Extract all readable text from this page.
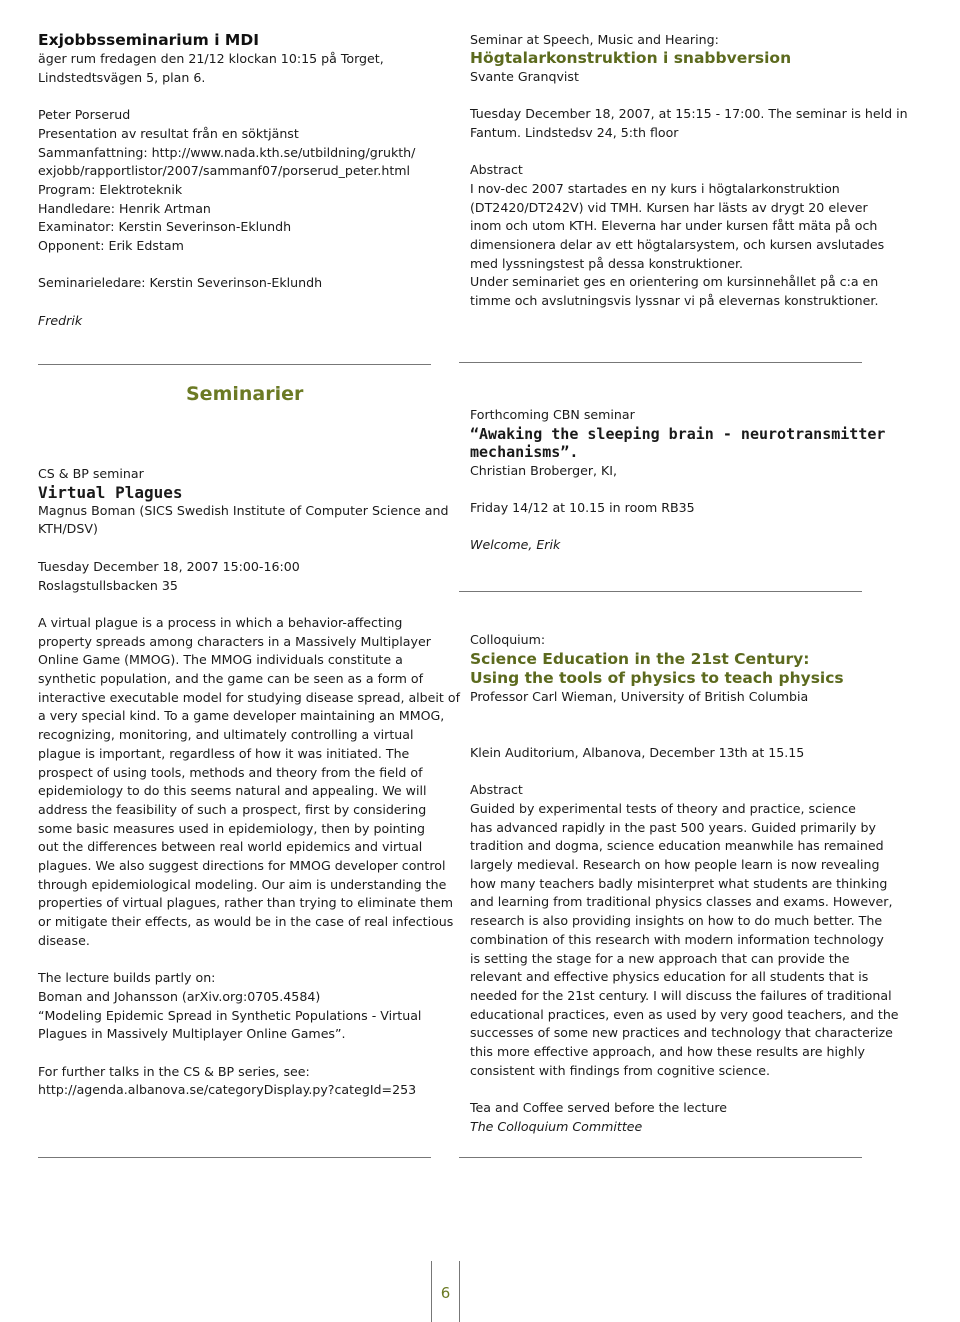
Exjobbsseminarium i MDI
äger rum fredagen den 21/12 klockan 10:15 på Torget,
Lindstedtsvägen 5, plan 6.
Peter Porserud
Presentation av resultat från en söktjänst
Sammanfattning: http://www.nada.kth.se/utbildning/grukth/
exjobb/rapportlistor/2007/sammanf07/porserud_peter.html
Program: Elektroteknik
Handledare: Henrik Artman
Examinator: Kerstin Severinson-Eklundh
Opponent: Erik Edstam
Seminarieledare: Kerstin Severinson-Eklundh
Fredrik
Seminar at Speech, Music and Hearing:
Högtalarkonstruktion i snabbversion
Svante Granqvist
Tuesday December 18, 2007, at 15:15 - 17:00. The seminar is held in
Fantum. Lindstedsv 24, 5:th floor
Abstract
I nov-dec 2007 startades en ny kurs i högtalarkonstruktion
(DT2420/DT242V) vid TMH. Kursen har lästs av drygt 20 elever
inom och utom KTH. Eleverna har under kursen fått mäta på och
dimensionera delar av ett högtalarsystem, och kursen avslutades
med lyssningstest på dessa konstruktioner.
Under seminariet ges en orientering om kursinnehållet på c:a en
timme och avslutningsvis lyssnar vi på elevernas konstruktioner.
Seminarier
CS & BP seminar
Virtual Plagues
Magnus Boman (SICS Swedish Institute of Computer Science and
KTH/DSV)
Tuesday December 18, 2007 15:00-16:00
Roslagstullsbacken 35
A virtual plague is a process in which a behavior-affecting
property spreads among characters in a Massively Multiplayer
Online Game (MMOG). The MMOG individuals constitute a
synthetic population, and the game can be seen as a form of
interactive executable model for studying disease spread, albeit of
a very special kind. To a game developer maintaining an MMOG,
recognizing, monitoring, and ultimately controlling a virtual
plague is important, regardless of how it was initiated. The
prospect of using tools, methods and theory from the field of
epidemiology to do this seems natural and appealing. We will
address the feasibility of such a prospect, first by considering
some basic measures used in epidemiology, then by pointing
out the differences between real world epidemics and virtual
plagues. We also suggest directions for MMOG developer control
through epidemiological modeling. Our aim is understanding the
properties of virtual plagues, rather than trying to eliminate them
or mitigate their effects, as would be in the case of real infectious
disease.
The lecture builds partly on:
Boman and Johansson (arXiv.org:0705.4584)
“Modeling Epidemic Spread in Synthetic Populations - Virtual
Plagues in Massively Multiplayer Online Games”.
For further talks in the CS & BP series, see:
http://agenda.albanova.se/categoryDisplay.py?categId=253
Forthcoming CBN seminar
“Awaking the sleeping brain - neurotransmitter
mechanisms”.
Christian Broberger, KI,
Friday 14/12 at 10.15 in room RB35
Welcome, Erik
Colloquium:
Science Education in the 21st Century:
Using the tools of physics to teach physics
Professor Carl Wieman, University of British Columbia
Klein Auditorium, Albanova, December 13th at 15.15
Abstract
Guided by experimental tests of theory and practice, science
has advanced rapidly in the past 500 years. Guided primarily by
tradition and dogma, science education meanwhile has remained
largely medieval. Research on how people learn is now revealing
how many teachers badly misinterpret what students are thinking
and learning from traditional physics classes and exams. However,
research is also providing insights on how to do much better. The
combination of this research with modern information technology
is setting the stage for a new approach that can provide the
relevant and effective physics education for all students that is
needed for the 21st century. I will discuss the failures of traditional
educational practices, even as used by very good teachers, and the
successes of some new practices and technology that characterize
this more effective approach, and how these results are highly
consistent with findings from cognitive science.
Tea and Coffee served before the lecture
The Colloquium Committee
6
